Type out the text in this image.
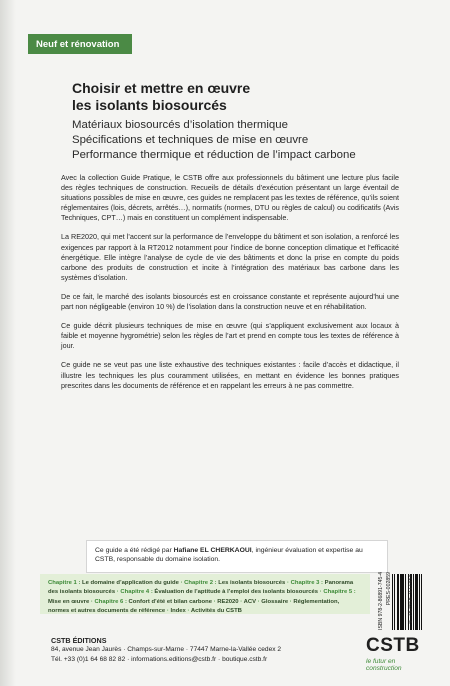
Neuf et rénovation
Choisir et mettre en œuvre
les isolants biosourcés
Matériaux biosourcés d’isolation thermique
Spécifications et techniques de mise en œuvre
Performance thermique et réduction de l’impact carbone

Avec la collection Guide Pratique, le CSTB offre aux professionnels du bâtiment une lecture plus facile des règles techniques de construction. Recueils de détails d’exécution présentant un large éventail de situations possibles de mise en œuvre, ces guides ne remplacent pas les textes de référence, qu’ils soient réglementaires (lois, décrets, arrêtés…), normatifs (normes, DTU ou règles de calcul) ou codificatifs (Avis Techniques, CPT…) mais en constituent un complément indispensable.

La RE2020, qui met l’accent sur la performance de l’enveloppe du bâtiment et son isolation, a renforcé les exigences par rapport à la RT2012 notamment pour l’indice de bonne conception climatique et l’efficacité énergétique. Elle intègre l’analyse de cycle de vie des bâtiments et donc la prise en compte du poids carbone des produits de construction et incite à l’intégration des matériaux bas carbone dans les systèmes d’isolation.

De ce fait, le marché des isolants biosourcés est en croissance constante et représente aujourd’hui une part non négligeable (environ 10 %) de l’isolation dans la construction neuve et en réhabilitation.

Ce guide décrit plusieurs techniques de mise en œuvre (qui s’appliquent exclusivement aux locaux à faible et moyenne hygrométrie) selon les règles de l’art et prend en compte tous les textes de référence à jour.

Ce guide ne se veut pas une liste exhaustive des techniques existantes : facile d’accès et didactique, il illustre les techniques les plus couramment utilisées, en mettant en évidence les bonnes pratiques prescrites dans les documents de référence et en rappelant les erreurs à ne pas commettre.

Ce guide a été rédigé par Hafiane EL CHERKAOUI, ingénieur évaluation et expertise au CSTB, responsable du domaine isolation.
Chapitre 1 : Le domaine d’application du guide · Chapitre 2 : Les isolants biosourcés · Chapitre 3 : Panorama des isolants biosourcés · Chapitre 4 : Évaluation de l’aptitude à l’emploi des isolants biosourcés · Chapitre 5 : Mise en œuvre · Chapitre 6 : Confort d’été et bilan carbone · RE2020 · ACV · Glossaire · Réglementation, normes et autres documents de référence · Index · Activités du CSTB	ISBN 978-2-86891-745-4 PRES-002859	9 782868 917454
CSTB ÉDITIONS
84, avenue Jean Jaurès · Champs-sur-Marne · 77447 Marne-la-Vallée cedex 2
Tél. +33 (0)1 64 68 82 82 · informations.editions@cstb.fr · boutique.cstb.fr
CSTB
le futur en construction
